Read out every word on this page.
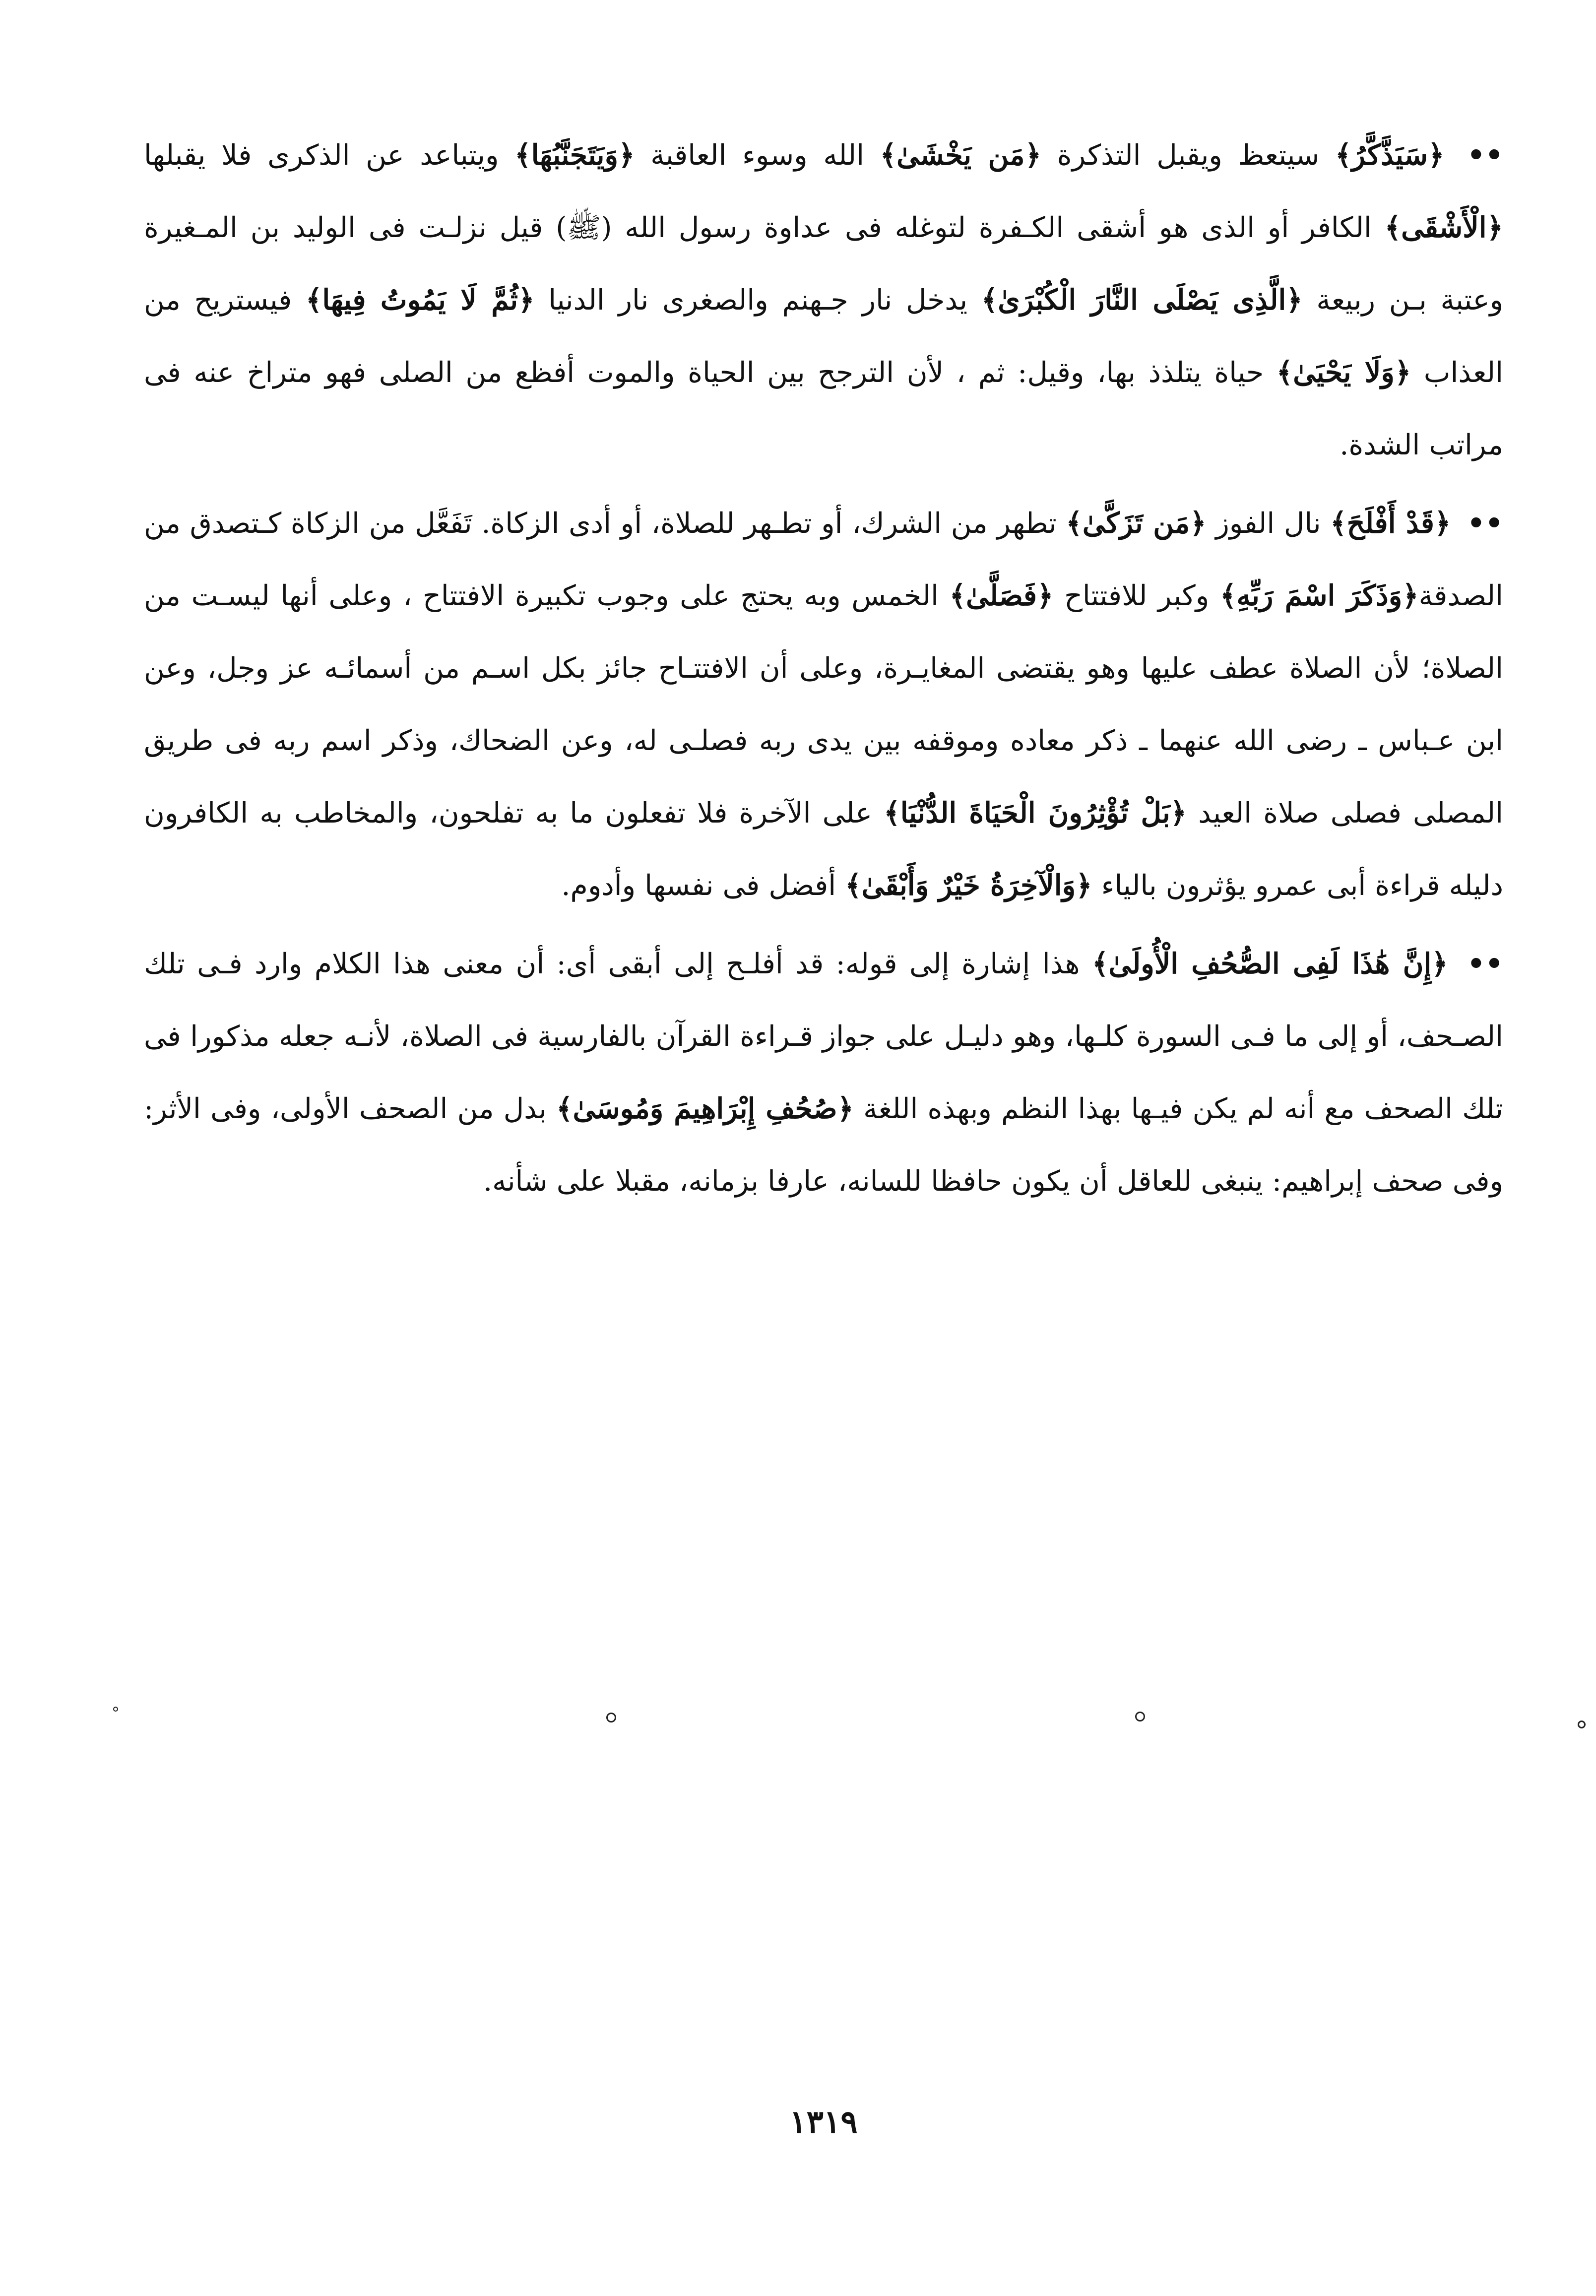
•• ﴿سَيَذَّكَّرُ﴾ سيتعظ ويقبل التذكرة ﴿مَن يَخْشَىٰ﴾ الله وسوء العاقبة ﴿وَيَتَجَنَّبُهَا﴾ ويتباعد عن الذكرى فلا يقبلها ﴿الْأَشْقَى﴾ الكافر أو الذى هو أشقى الكـفرة لتوغله فى عداوة رسول الله (ﷺ) قيل نزلـت فى الوليد بن المـغيرة وعتبة بـن ربيعة ﴿الَّذِى يَصْلَى النَّارَ الْكُبْرَىٰ﴾ يدخل نار جـهنم والصغرى نار الدنيا ﴿ثُمَّ لَا يَمُوتُ فِيهَا﴾ فيستريح من العذاب ﴿وَلَا يَحْيَىٰ﴾ حياة يتلذذ بها، وقيل: ثم ، لأن الترجح بين الحياة والموت أفظع من الصلى فهو متراخ عنه فى مراتب الشدة.

•• ﴿قَدْ أَفْلَحَ﴾ نال الفوز ﴿مَن تَزَكَّىٰ﴾ تطهر من الشرك، أو تطـهر للصلاة، أو أدى الزكاة. تَفَعَّل من الزكاة كـتصدق من الصدقة﴿وَذَكَرَ اسْمَ رَبِّهِ﴾ وكبر للافتتاح ﴿فَصَلَّىٰ﴾ الخمس وبه يحتج على وجوب تكبيرة الافتتاح ، وعلى أنها ليسـت من الصلاة؛ لأن الصلاة عطف عليها وهو يقتضى المغايـرة، وعلى أن الافتتـاح جائز بكل اسـم من أسمائـه عز وجل، وعن ابن عـباس ـ رضى الله عنهما ـ ذكر معاده وموقفه بين يدى ربه فصلـى له، وعن الضحاك، وذكر اسم ربه فى طريق المصلى فصلى صلاة العيد ﴿بَلْ تُؤْثِرُونَ الْحَيَاةَ الدُّنْيَا﴾ على الآخرة فلا تفعلون ما به تفلحون، والمخاطب به الكافرون دليله قراءة أبى عمرو يؤثرون بالياء ﴿وَالْآخِرَةُ خَيْرٌ وَأَبْقَىٰ﴾ أفضل فى نفسها وأدوم.

•• ﴿إِنَّ هَٰذَا لَفِى الصُّحُفِ الْأُولَىٰ﴾ هذا إشارة إلى قوله: قد أفلـح إلى أبقى أى: أن معنى هذا الكلام وارد فـى تلك الصـحف، أو إلى ما فـى السورة كلـها، وهو دليـل على جواز قـراءة القرآن بالفارسية فى الصلاة، لأنـه جعله مذكورا فى تلك الصحف مع أنه لم يكن فيـها بهذا النظم وبهذه اللغة ﴿صُحُفِ إِبْرَاهِيمَ وَمُوسَىٰ﴾ بدل من الصحف الأولى، وفى الأثر: وفى صحف إبراهيم: ينبغى للعاقل أن يكون حافظا للسانه، عارفا بزمانه، مقبلا على شأنه.

١٣١٩
